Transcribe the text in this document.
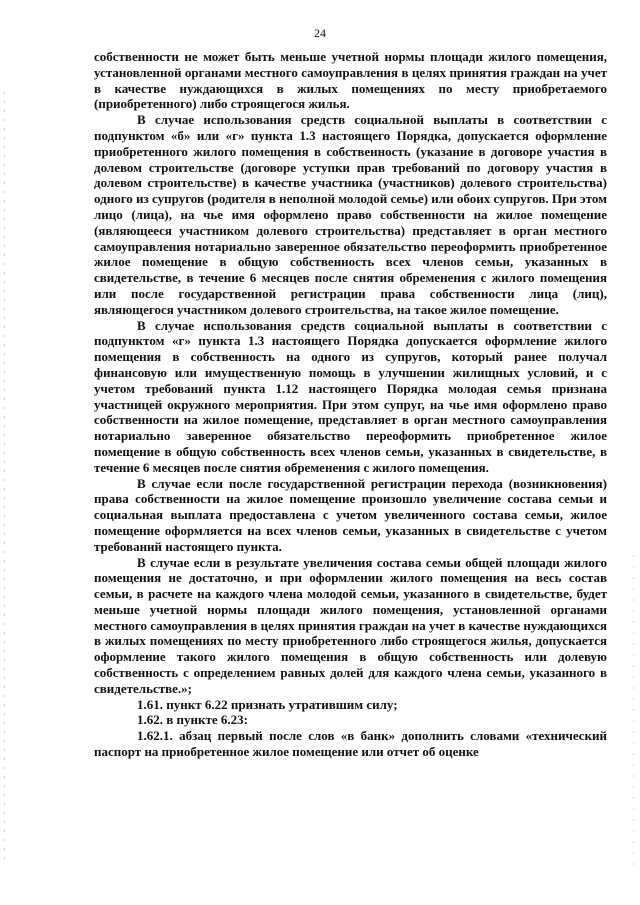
24

собственности не может быть меньше учетной нормы площади жилого помещения, установленной органами местного самоуправления в целях принятия граждан на учет в качестве нуждающихся в жилых помещениях по месту приобретаемого (приобретенного) либо строящегося жилья.

В случае использования средств социальной выплаты в соответствии с подпунктом «б» или «г» пункта 1.3 настоящего Порядка, допускается оформление приобретенного жилого помещения в собственность (указание в договоре участия в долевом строительстве (договоре уступки прав требований по договору участия в долевом строительстве) в качестве участника (участников) долевого строительства) одного из супругов (родителя в неполной молодой семье) или обоих супругов. При этом лицо (лица), на чье имя оформлено право собственности на жилое помещение (являющееся участником долевого строительства) представляет в орган местного самоуправления нотариально заверенное обязательство переоформить приобретенное жилое помещение в общую собственность всех членов семьи, указанных в свидетельстве, в течение 6 месяцев после снятия обременения с жилого помещения или после государственной регистрации права собственности лица (лиц), являющегося участником долевого строительства, на такое жилое помещение.

В случае использования средств социальной выплаты в соответствии с подпунктом «г» пункта 1.3 настоящего Порядка допускается оформление жилого помещения в собственность на одного из супругов, который ранее получал финансовую или имущественную помощь в улучшении жилищных условий, и с учетом требований пункта 1.12 настоящего Порядка молодая семья признана участницей окружного мероприятия. При этом супруг, на чье имя оформлено право собственности на жилое помещение, представляет в орган местного самоуправления нотариально заверенное обязательство переоформить приобретенное жилое помещение в общую собственность всех членов семьи, указанных в свидетельстве, в течение 6 месяцев после снятия обременения с жилого помещения.

В случае если после государственной регистрации перехода (возникновения) права собственности на жилое помещение произошло увеличение состава семьи и социальная выплата предоставлена с учетом увеличенного состава семьи, жилое помещение оформляется на всех членов семьи, указанных в свидетельстве с учетом требований настоящего пункта.

В случае если в результате увеличения состава семьи общей площади жилого помещения не достаточно, и при оформлении жилого помещения на весь состав семьи, в расчете на каждого члена молодой семьи, указанного в свидетельстве, будет меньше учетной нормы площади жилого помещения, установленной органами местного самоуправления в целях принятия граждан на учет в качестве нуждающихся в жилых помещениях по месту приобретенного либо строящегося жилья, допускается оформление такого жилого помещения в общую собственность или долевую собственность с определением равных долей для каждого члена семьи, указанного в свидетельстве.»;

1.61. пункт 6.22 признать утратившим силу;

1.62. в пункте 6.23:

1.62.1. абзац первый после слов «в банк» дополнить словами «технический паспорт на приобретенное жилое помещение или отчет об оценке
